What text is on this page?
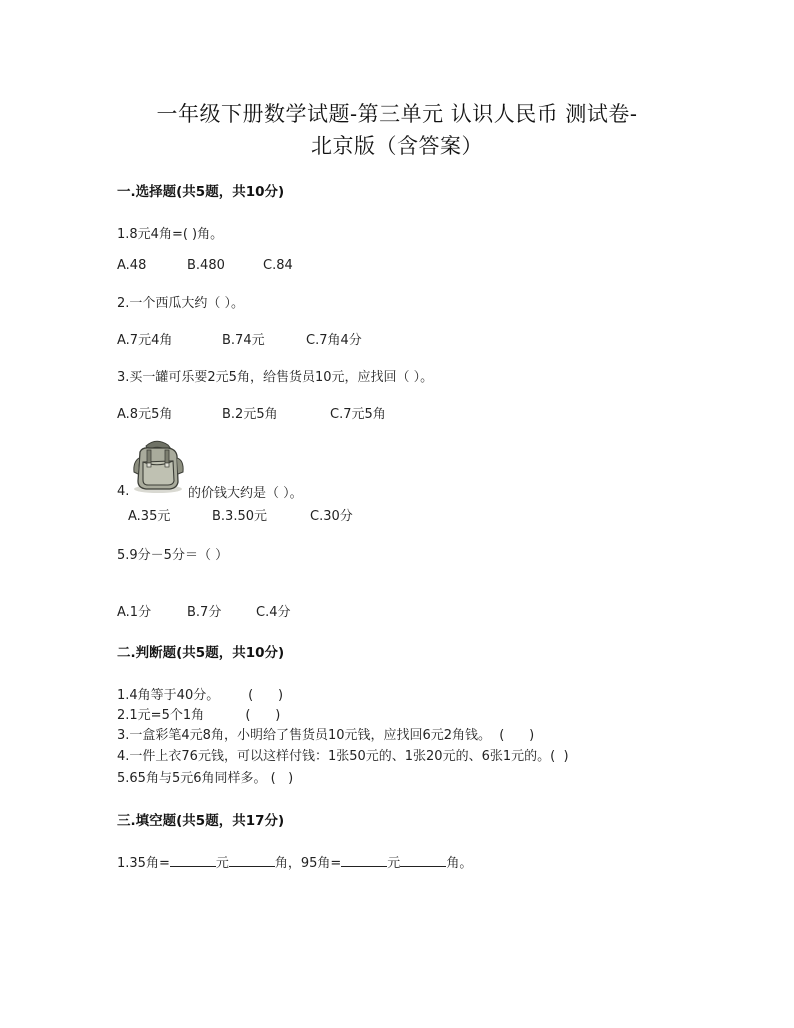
一年级下册数学试题-第三单元 认识人民币 测试卷-
北京版（含答案）
一.选择题(共5题，共10分)
1.8元4角=( )角。
A.48	B.480	C.84
2.一个西瓜大约（ ）。
A.7元4角	B.74元	C.7角4分
3.买一罐可乐要2元5角，给售货员10元，应找回（ ）。
A.8元5角	B.2元5角	C.7元5角
4.	的价钱大约是（ ）。
A.35元	B.3.50元	C.30分
5.9分－5分＝（ ）
A.1分	B.7分	C.4分
二.判断题(共5题，共10分)
1.4角等于40分。       (      )
2.1元=5个1角          (      )
3.一盒彩笔4元8角，小明给了售货员10元钱，应找回6元2角钱。  (      )
4.一件上衣76元钱，可以这样付钱：1张50元的、1张20元的、6张1元的。(  )
5.65角与5元6角同样多。 (   )
三.填空题(共5题，共17分)
1.35角=	元	角，95角=	元	角。
